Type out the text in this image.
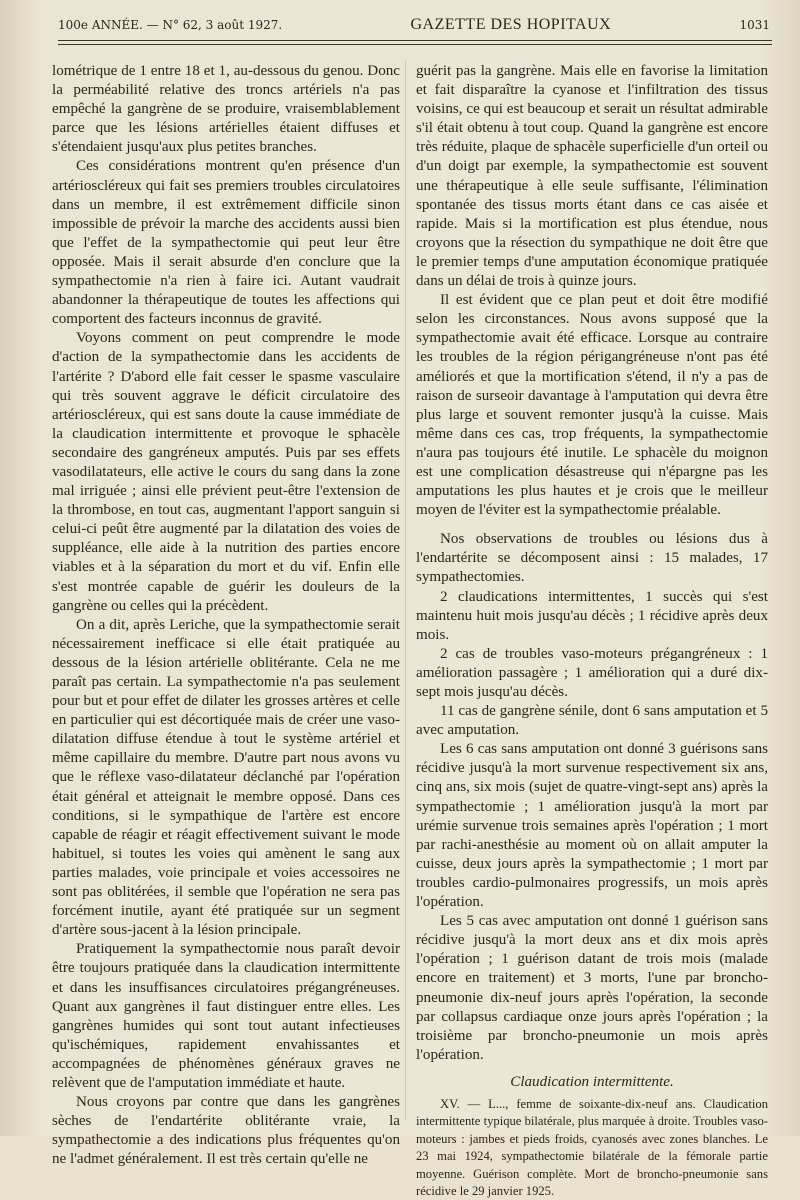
100e ANNÉE. — N° 62, 3 août 1927.	GAZETTE DES HOPITAUX	1031

lométrique de 1 entre 18 et 1, au-dessous du genou. Donc la perméabilité relative des troncs artériels n'a pas empêché la gangrène de se produire, vraisemblablement parce que les lésions artérielles étaient diffuses et s'étendaient jusqu'aux plus petites branches.

Ces considérations montrent qu'en présence d'un artérioscléreux qui fait ses premiers troubles circulatoires dans un membre, il est extrêmement difficile sinon impossible de prévoir la marche des accidents aussi bien que l'effet de la sympathectomie qui peut leur être opposée. Mais il serait absurde d'en conclure que la sympathectomie n'a rien à faire ici. Autant vaudrait abandonner la thérapeutique de toutes les affections qui comportent des facteurs inconnus de gravité.

Voyons comment on peut comprendre le mode d'action de la sympathectomie dans les accidents de l'artérite ? D'abord elle fait cesser le spasme vasculaire qui très souvent aggrave le déficit circulatoire des artérioscléreux, qui est sans doute la cause immédiate de la claudication intermittente et provoque le sphacèle secondaire des gangréneux amputés. Puis par ses effets vasodilatateurs, elle active le cours du sang dans la zone mal irriguée ; ainsi elle prévient peut-être l'extension de la thrombose, en tout cas, augmentant l'apport sanguin si celui-ci peût être augmenté par la dilatation des voies de suppléance, elle aide à la nutrition des parties encore viables et à la séparation du mort et du vif. Enfin elle s'est montrée capable de guérir les douleurs de la gangrène ou celles qui la précèdent.

On a dit, après Leriche, que la sympathectomie serait nécessairement inefficace si elle était pratiquée au dessous de la lésion artérielle oblitérante. Cela ne me paraît pas certain. La sympathectomie n'a pas seulement pour but et pour effet de dilater les grosses artères et celle en particulier qui est décortiquée mais de créer une vaso-dilatation diffuse étendue à tout le système artériel et même capillaire du membre. D'autre part nous avons vu que le réflexe vaso-dilatateur déclanché par l'opération était général et atteignait le membre opposé. Dans ces conditions, si le sympathique de l'artère est encore capable de réagir et réagit effectivement suivant le mode habituel, si toutes les voies qui amènent le sang aux parties malades, voie principale et voies accessoires ne sont pas oblitérées, il semble que l'opération ne sera pas forcément inutile, ayant été pratiquée sur un segment d'artère sous-jacent à la lésion principale.

Pratiquement la sympathectomie nous paraît devoir être toujours pratiquée dans la claudication intermittente et dans les insuffisances circulatoires prégangréneuses. Quant aux gangrènes il faut distinguer entre elles. Les gangrènes humides qui sont tout autant infectieuses qu'ischémiques, rapidement envahissantes et accompagnées de phénomènes généraux graves ne relèvent que de l'amputation immédiate et haute.

Nous croyons par contre que dans les gangrènes sèches de l'endartérite oblitérante vraie, la sympathectomie a des indications plus fréquentes qu'on ne l'admet généralement. Il est très certain qu'elle ne

guérit pas la gangrène. Mais elle en favorise la limitation et fait disparaître la cyanose et l'infiltration des tissus voisins, ce qui est beaucoup et serait un résultat admirable s'il était obtenu à tout coup. Quand la gangrène est encore très réduite, plaque de sphacèle superficielle d'un orteil ou d'un doigt par exemple, la sympathectomie est souvent une thérapeutique à elle seule suffisante, l'élimination spontanée des tissus morts étant dans ce cas aisée et rapide. Mais si la mortification est plus étendue, nous croyons que la résection du sympathique ne doit être que le premier temps d'une amputation économique pratiquée dans un délai de trois à quinze jours.

Il est évident que ce plan peut et doit être modifié selon les circonstances. Nous avons supposé que la sympathectomie avait été efficace. Lorsque au contraire les troubles de la région périgangréneuse n'ont pas été améliorés et que la mortification s'étend, il n'y a pas de raison de surseoir davantage à l'amputation qui devra être plus large et souvent remonter jusqu'à la cuisse. Mais même dans ces cas, trop fréquents, la sympathectomie n'aura pas toujours été inutile. Le sphacèle du moignon est une complication désastreuse qui n'épargne pas les amputations les plus hautes et je crois que le meilleur moyen de l'éviter est la sympathectomie préalable.

Nos observations de troubles ou lésions dus à l'endartérite se décomposent ainsi : 15 malades, 17 sympathectomies.

2 claudications intermittentes, 1 succès qui s'est maintenu huit mois jusqu'au décès ; 1 récidive après deux mois.

2 cas de troubles vaso-moteurs prégangréneux : 1 amélioration passagère ; 1 amélioration qui a duré dix-sept mois jusqu'au décès.

11 cas de gangrène sénile, dont 6 sans amputation et 5 avec amputation.

Les 6 cas sans amputation ont donné 3 guérisons sans récidive jusqu'à la mort survenue respectivement six ans, cinq ans, six mois (sujet de quatre-vingt-sept ans) après la sympathectomie ; 1 amélioration jusqu'à la mort par urémie survenue trois semaines après l'opération ; 1 mort par rachi-anesthésie au moment où on allait amputer la cuisse, deux jours après la sympathectomie ; 1 mort par troubles cardio-pulmonaires progressifs, un mois après l'opération.

Les 5 cas avec amputation ont donné 1 guérison sans récidive jusqu'à la mort deux ans et dix mois après l'opération ; 1 guérison datant de trois mois (malade encore en traitement) et 3 morts, l'une par broncho-pneumonie dix-neuf jours après l'opération, la seconde par collapsus cardiaque onze jours après l'opération ; la troisième par broncho-pneumonie un mois après l'opération.

Claudication intermittente.

XV. — L..., femme de soixante-dix-neuf ans. Claudication intermittente typique bilatérale, plus marquée à droite. Troubles vaso-moteurs : jambes et pieds froids, cyanosés avec zones blanches. Le 23 mai 1924, sympathectomie bilatérale de la fémorale partie moyenne. Guérison complète. Mort de broncho-pneumonie sans récidive le 29 janvier 1925.
